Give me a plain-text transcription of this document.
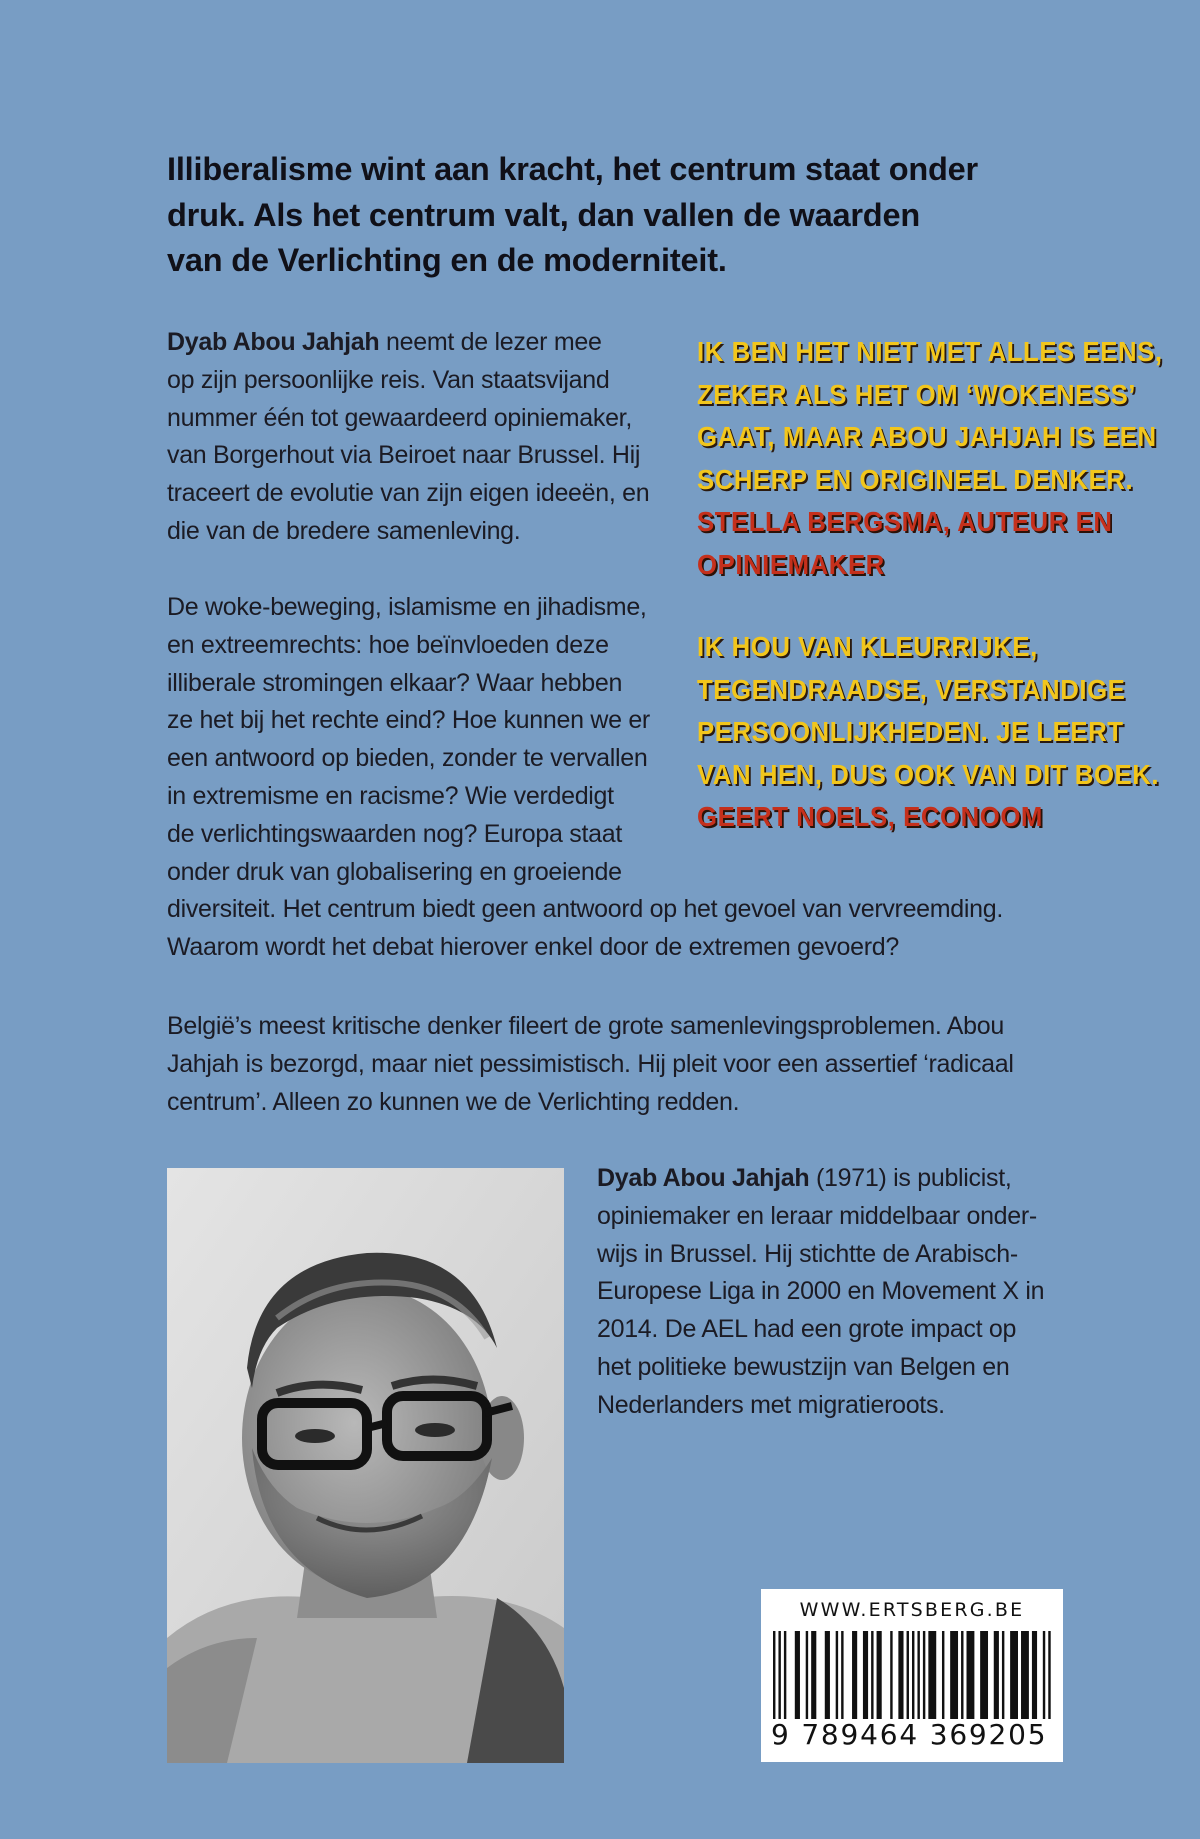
Illiberalisme wint aan kracht, het centrum staat onder
druk. Als het centrum valt, dan vallen de waarden
van de Verlichting en de moderniteit.
Dyab Abou Jahjah neemt de lezer mee
op zijn persoonlijke reis. Van staatsvijand
nummer één tot gewaardeerd opiniemaker,
van Borgerhout via Beiroet naar Brussel. Hij
traceert de evolutie van zijn eigen ideeën, en
die van de bredere samenleving.
De woke-beweging, islamisme en jihadisme,
en extreemrechts: hoe beïnvloeden deze
illiberale stromingen elkaar? Waar hebben
ze het bij het rechte eind? Hoe kunnen we er
een antwoord op bieden, zonder te vervallen
in extremisme en racisme? Wie verdedigt
de verlichtingswaarden nog? Europa staat
onder druk van globalisering en groeiende
diversiteit. Het centrum biedt geen antwoord op het gevoel van vervreemding.
Waarom wordt het debat hierover enkel door de extremen gevoerd?
België’s meest kritische denker fileert de grote samenlevingsproblemen. Abou
Jahjah is bezorgd, maar niet pessimistisch. Hij pleit voor een assertief ‘radicaal
centrum’. Alleen zo kunnen we de Verlichting redden.
IK BEN HET NIET MET ALLES EENS,
ZEKER ALS HET OM ‘WOKENESS’
GAAT, MAAR ABOU JAHJAH IS EEN
SCHERP EN ORIGINEEL DENKER.
STELLA BERGSMA, AUTEUR EN
OPINIEMAKER
IK HOU VAN KLEURRIJKE,
TEGENDRAADSE, VERSTANDIGE
PERSOONLIJKHEDEN. JE LEERT
VAN HEN, DUS OOK VAN DIT BOEK.
GEERT NOELS, ECONOOM
Dyab Abou Jahjah (1971) is publicist,
opiniemaker en leraar middelbaar onder-
wijs in Brussel. Hij stichtte de Arabisch-
Europese Liga in 2000 en Movement X in
2014. De AEL had een grote impact op
het politieke bewustzijn van Belgen en
Nederlanders met migratieroots.
WWW.ERTSBERG.BE
9 789464 369205
